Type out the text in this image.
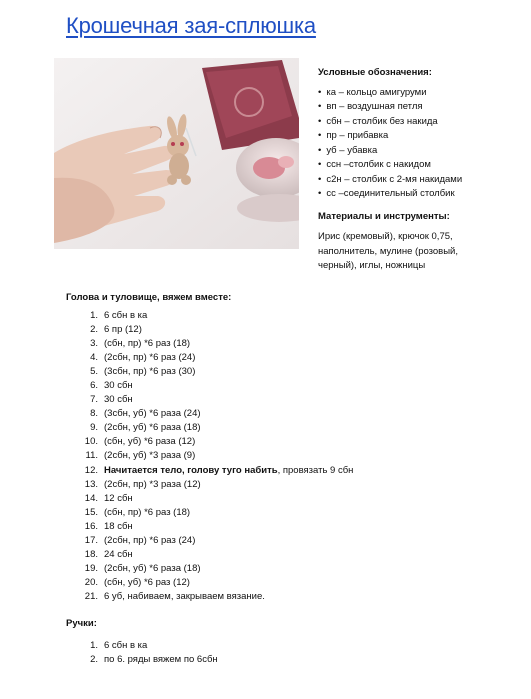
Крошечная зая-сплюшка
Условные обозначения:
• ка – кольцо амигуруми
• вп – воздушная петля
• сбн – столбик без накида
• пр – прибавка
• уб – убавка
• ссн –столбик с накидом
• с2н – столбик с 2-мя накидами
• сс –соединительный столбик
Материалы и инструменты:
Ирис (кремовый), крючок 0,75,
наполнитель, мулине (розовый,
черный), иглы, ножницы
Голова и туловище, вяжем вместе:
1. 6 сбн в ка
2. 6 пр (12)
3. (сбн, пр) *6 раз (18)
4. (2сбн, пр) *6 раз (24)
5. (3сбн, пр) *6 раз (30)
6. 30 сбн
7. 30 сбн
8. (3сбн, уб) *6 раза (24)
9. (2сбн, уб) *6 раза (18)
10. (сбн, уб) *6 раза (12)
11. (2сбн, уб) *3 раза (9)
12. Начитается тело, голову туго набить, провязать 9 сбн
13. (2сбн, пр) *3 раза (12)
14. 12 сбн
15. (сбн, пр) *6 раз (18)
16. 18 сбн
17. (2сбн, пр) *6 раз (24)
18. 24 сбн
19. (2сбн, уб) *6 раза (18)
20. (сбн, уб) *6 раз (12)
21. 6 уб, набиваем, закрываем вязание.
Ручки:
1. 6 сбн в ка
2. по 6. ряды вяжем по 6сбн
